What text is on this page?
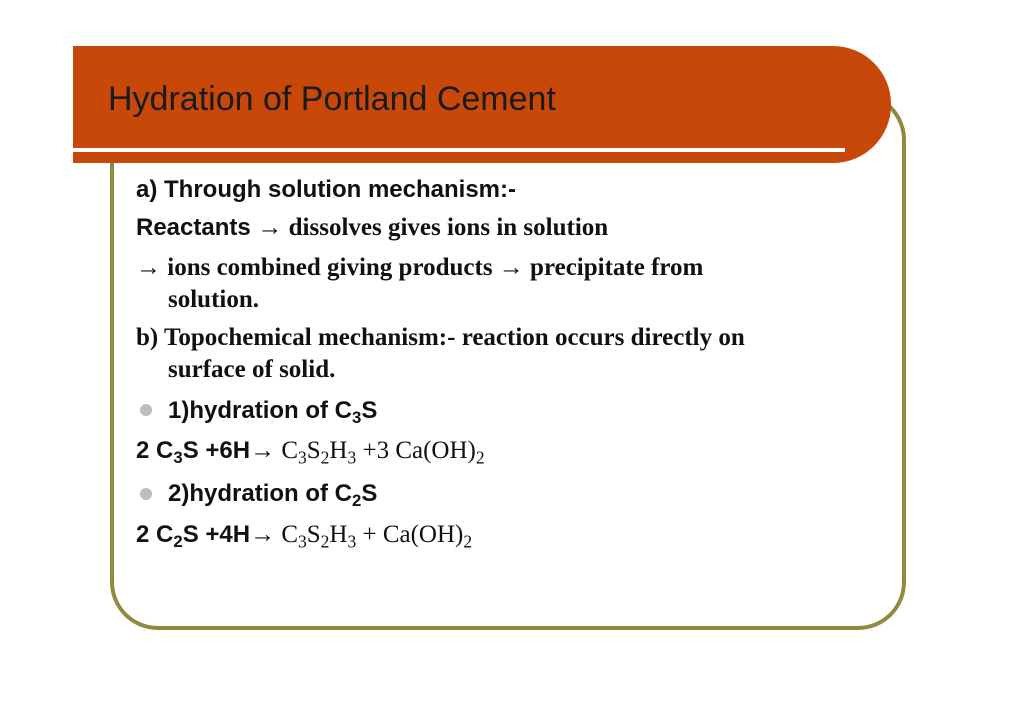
Hydration of Portland Cement
a) Through solution mechanism:-
Reactants → dissolves gives ions in solution
→ ions combined giving products → precipitate from
solution.
b) Topochemical mechanism:- reaction occurs directly on
surface of solid.
1)hydration of $C_3S$
2 $C_3S +6H\to C_3S_2H_3 +3$ $Ca(OH)_2$
2)hydration of $C_2S$
2 $C_2S +4H\to C_3S_2H_3 + Ca(OH)_2$
